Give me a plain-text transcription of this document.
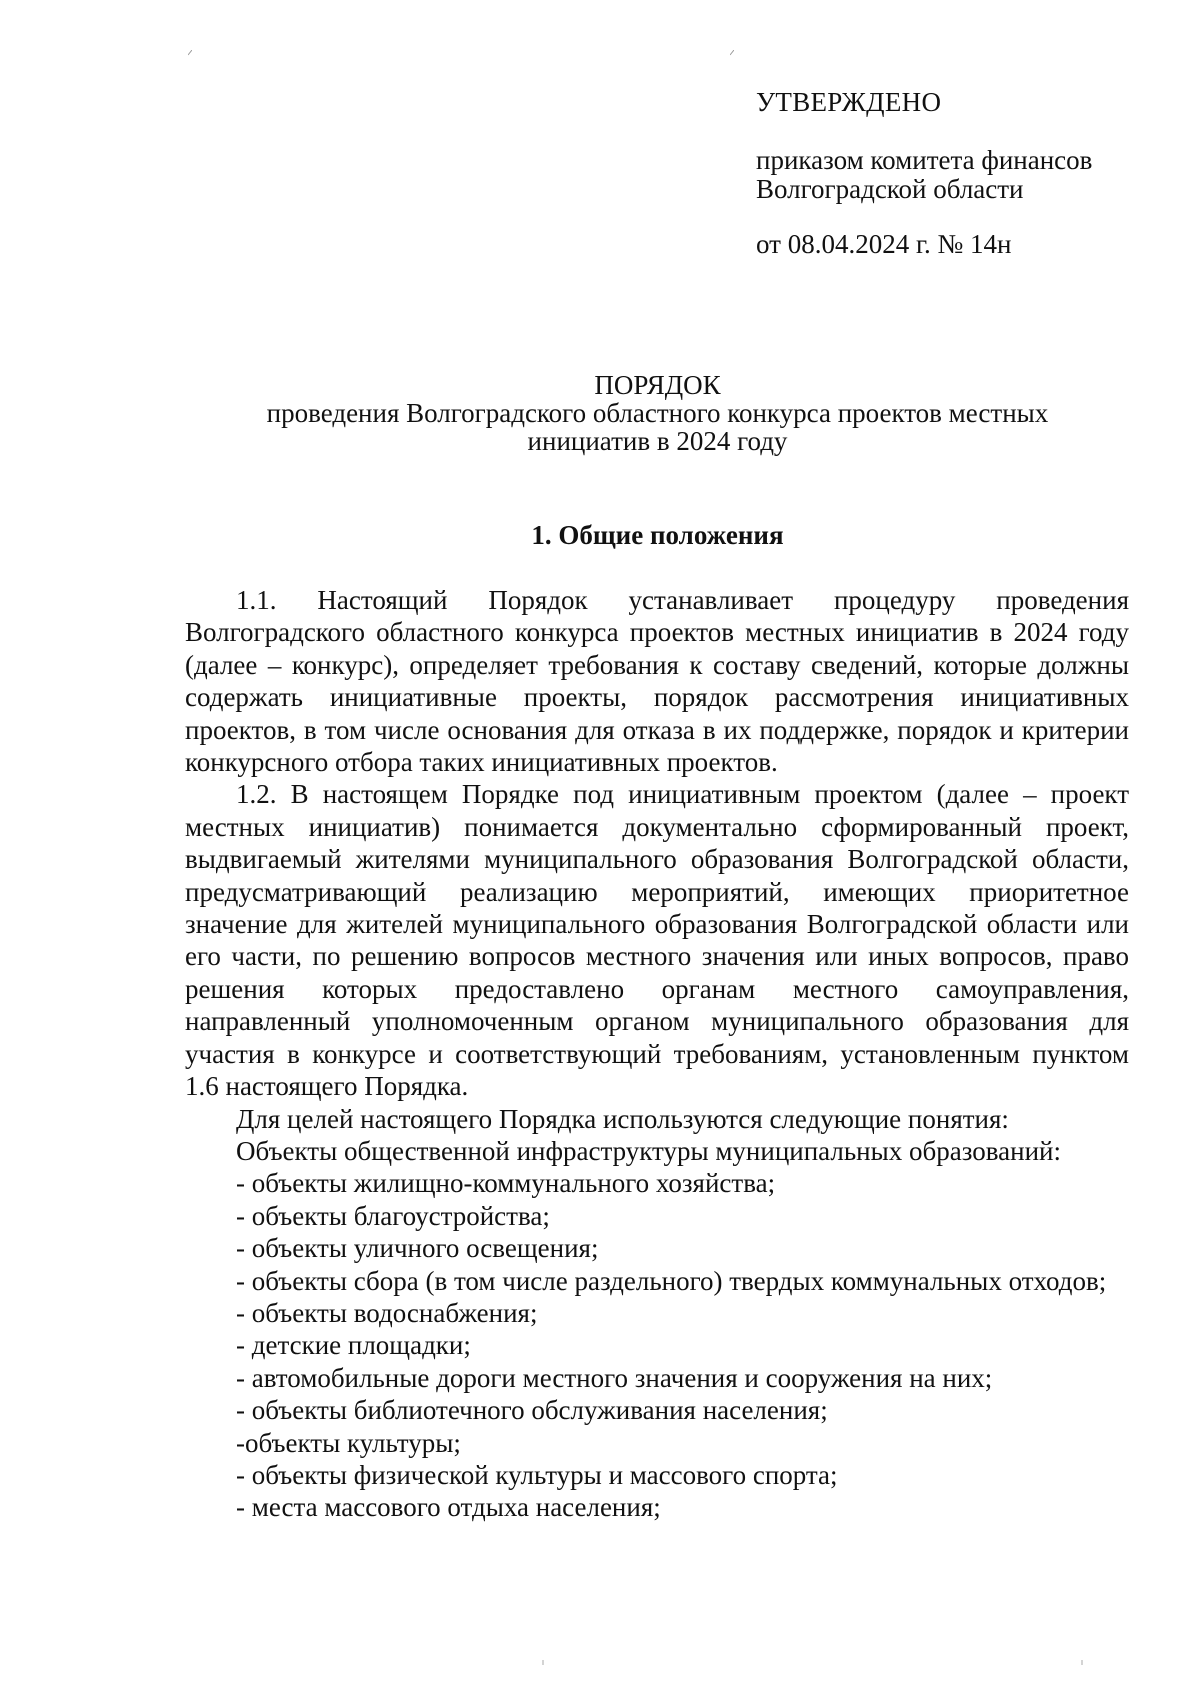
УТВЕРЖДЕНО

приказом комитета финансов
Волгоградской области

от 08.04.2024 г. № 14н

ПОРЯДОК
проведения Волгоградского областного конкурса проектов местных
инициатив в 2024 году
1. Общие положения

1.1. Настоящий Порядок устанавливает процедуру проведения Волгоградского областного конкурса проектов местных инициатив в 2024 году (далее – конкурс), определяет требования к составу сведений, которые должны содержать инициативные проекты, порядок рассмотрения инициативных проектов, в том числе основания для отказа в их поддержке, порядок и критерии конкурсного отбора таких инициативных проектов.

1.2. В настоящем Порядке под инициативным проектом (далее – проект местных инициатив) понимается документально сформированный проект, выдвигаемый жителями муниципального образования Волгоградской области, предусматривающий реализацию мероприятий, имеющих приоритетное значение для жителей муниципального образования Волгоградской области или его части, по решению вопросов местного значения или иных вопросов, право решения которых предоставлено органам местного самоуправления, направленный уполномоченным органом муниципального образования для участия в конкурсе и соответствующий требованиям, установленным пунктом 1.6 настоящего Порядка.

Для целей настоящего Порядка используются следующие понятия:

Объекты общественной инфраструктуры муниципальных образований:

- объекты жилищно-коммунального хозяйства;

- объекты благоустройства;

- объекты уличного освещения;

- объекты сбора (в том числе раздельного) твердых коммунальных отходов;

- объекты водоснабжения;

- детские площадки;

- автомобильные дороги местного значения и сооружения на них;

- объекты библиотечного обслуживания населения;

-объекты культуры;

- объекты физической культуры и массового спорта;

- места массового отдыха населения;
